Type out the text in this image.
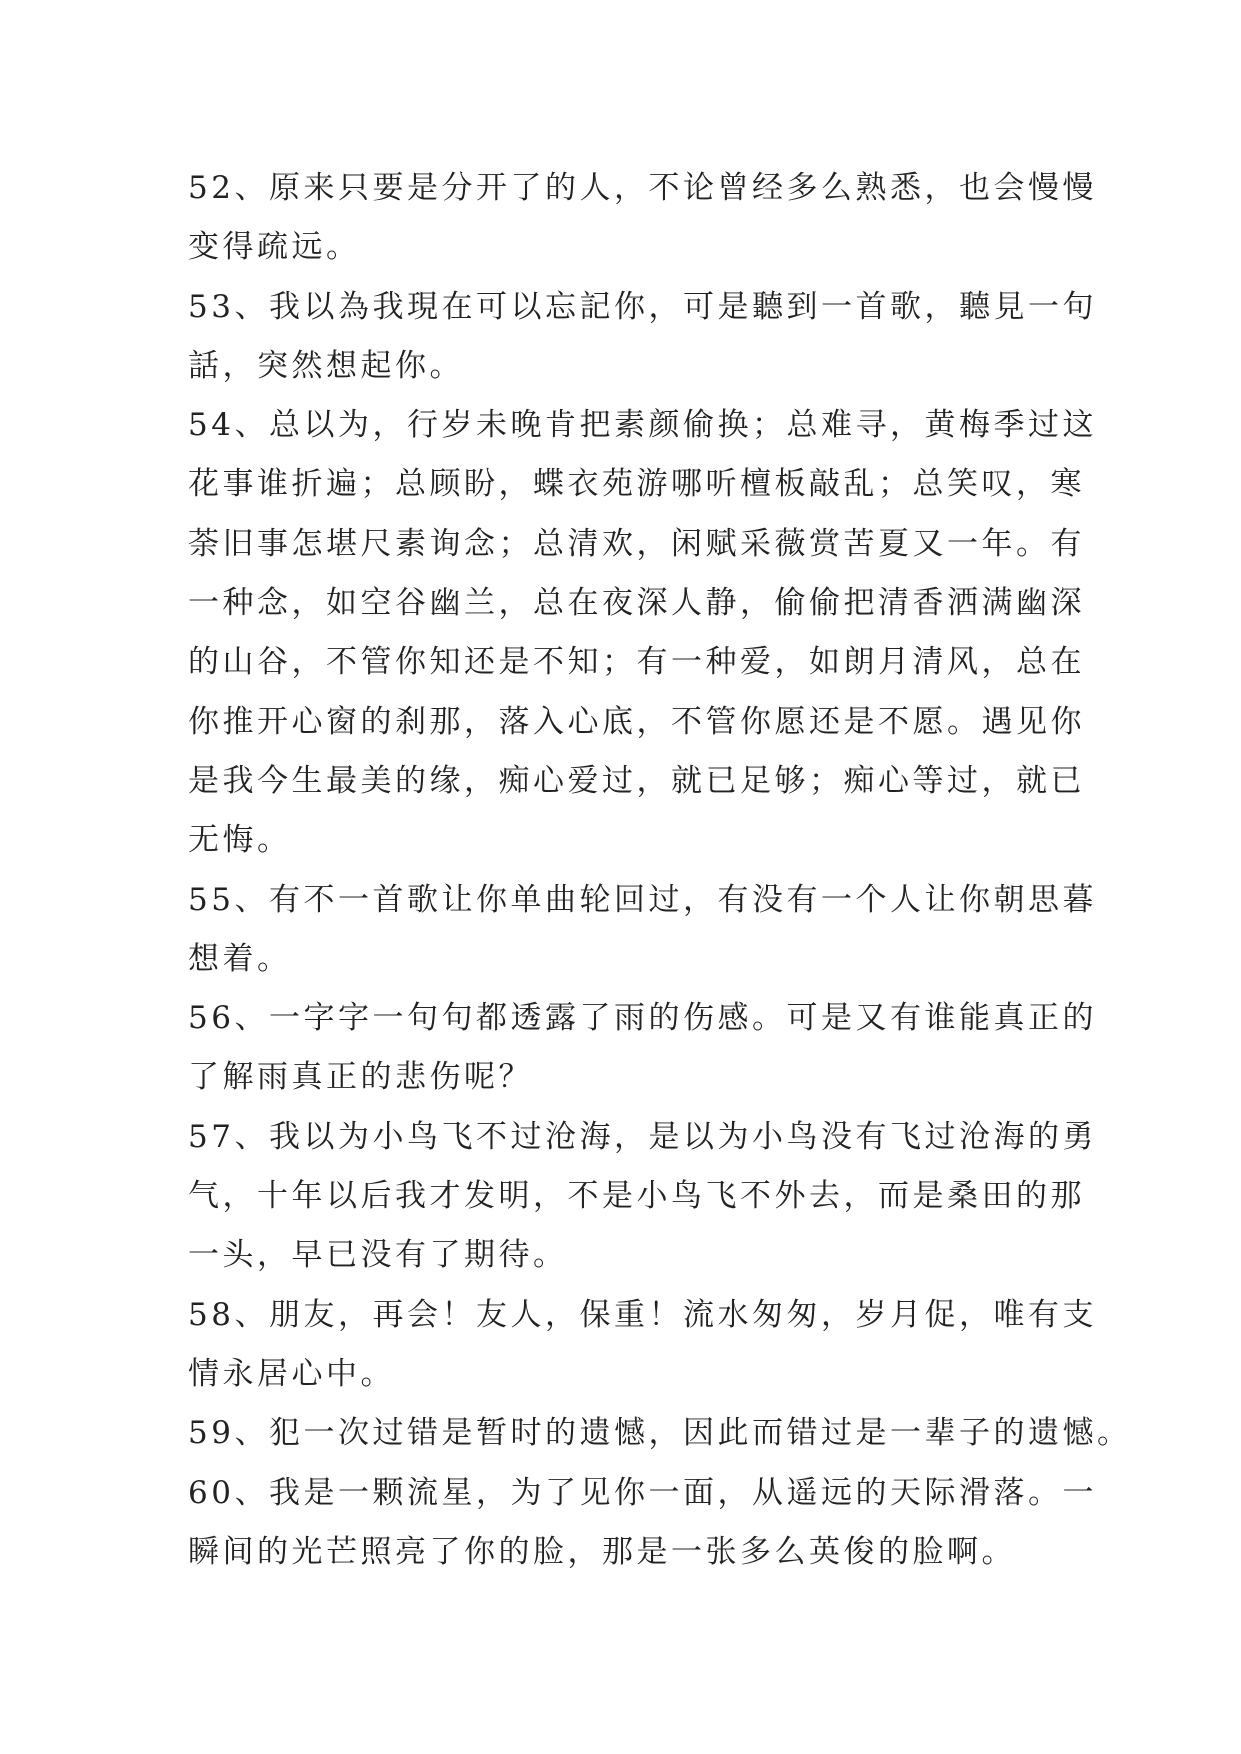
52、原来只要是分开了的人，不论曾经多么熟悉，也会慢慢
变得疏远。
53、我以為我現在可以忘記你，可是聽到一首歌，聽見一句
話，突然想起你。
54、总以为，行岁未晚肯把素颜偷换；总难寻，黄梅季过这
花事谁折遍；总顾盼，蝶衣苑游哪听檀板敲乱；总笑叹，寒
荼旧事怎堪尺素询念；总清欢，闲赋采薇赏苦夏又一年。有
一种念，如空谷幽兰，总在夜深人静，偷偷把清香洒满幽深
的山谷，不管你知还是不知；有一种爱，如朗月清风，总在
你推开心窗的刹那，落入心底，不管你愿还是不愿。遇见你
是我今生最美的缘，痴心爱过，就已足够；痴心等过，就已
无悔。
55、有不一首歌让你单曲轮回过，有没有一个人让你朝思暮
想着。
56、一字字一句句都透露了雨的伤感。可是又有谁能真正的
了解雨真正的悲伤呢？
57、我以为小鸟飞不过沧海，是以为小鸟没有飞过沧海的勇
气，十年以后我才发明，不是小鸟飞不外去，而是桑田的那
一头，早已没有了期待。
58、朋友，再会！友人，保重！流水匆匆，岁月促，唯有支
情永居心中。
59、犯一次过错是暂时的遗憾，因此而错过是一辈子的遗憾。
60、我是一颗流星，为了见你一面，从遥远的天际滑落。一
瞬间的光芒照亮了你的脸，那是一张多么英俊的脸啊。
